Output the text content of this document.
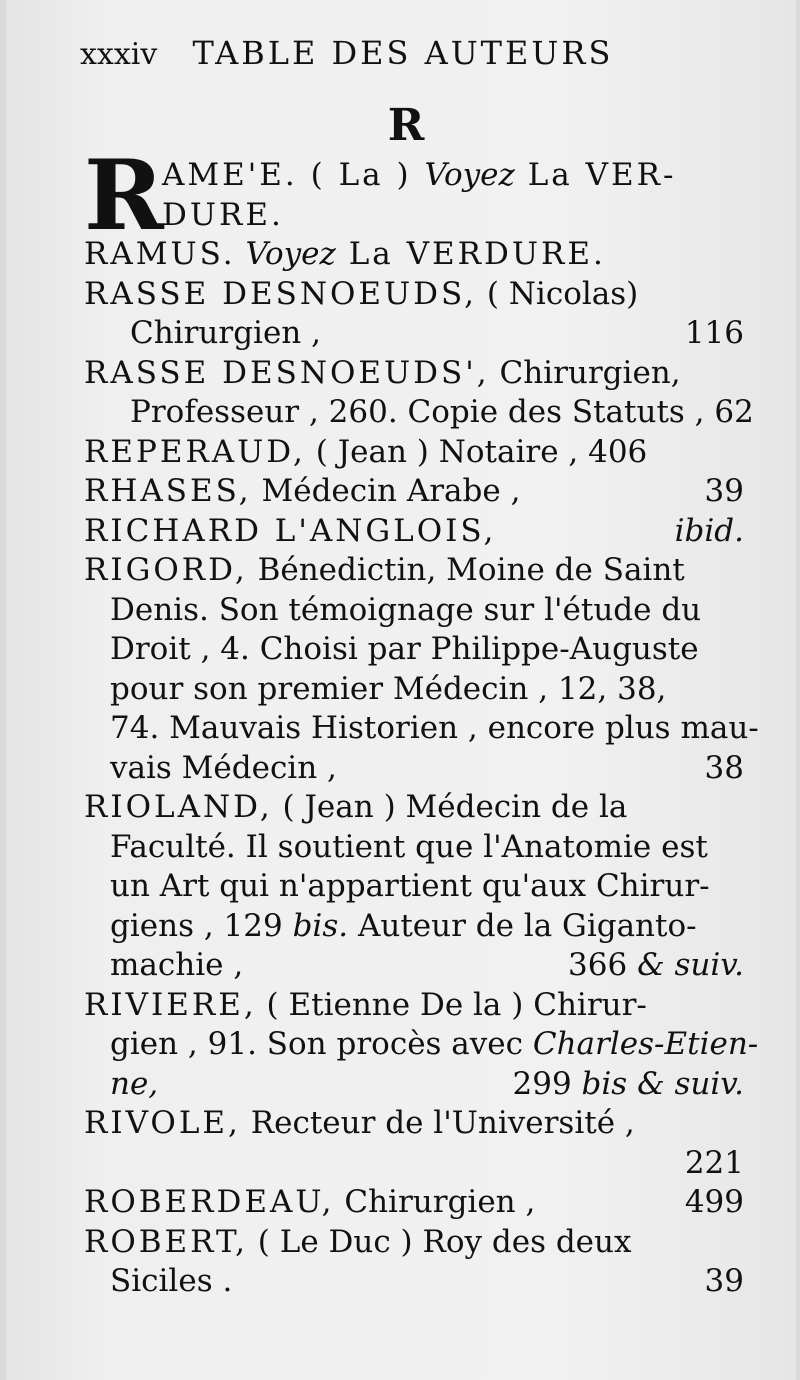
xxxiv TABLE DES AUTEURS
R
R
AME'E. ( La ) Voyez La VER-
DURE.
RAMUS. Voyez La VERDURE.
RASSE DESNOEUDS, ( Nicolas)
Chirurgien ,	116
RASSE DESNOEUDS', Chirurgien,
Professeur , 260. Copie des Statuts , 62
REPERAUD, ( Jean ) Notaire , 406
RHASES, Médecin Arabe ,	39
RICHARD L'ANGLOIS,	ibid.
RIGORD, Bénedictin, Moine de Saint
Denis. Son témoignage sur l'étude du
Droit , 4. Choisi par Philippe-Auguste
pour son premier Médecin , 12, 38,
74. Mauvais Historien , encore plus mau-
vais Médecin ,	38
RIOLAND, ( Jean ) Médecin de la
Faculté. Il soutient que l'Anatomie est
un Art qui n'appartient qu'aux Chirur-
giens , 129 bis. Auteur de la Giganto-
machie ,	366 & suiv.
RIVIERE, ( Etienne De la ) Chirur-
gien , 91. Son procès avec Charles-Etien-
ne,	299 bis & suiv.
RIVOLE, Recteur de l'Université ,
221
ROBERDEAU, Chirurgien ,	499
ROBERT, ( Le Duc ) Roy des deux
Siciles .	39
